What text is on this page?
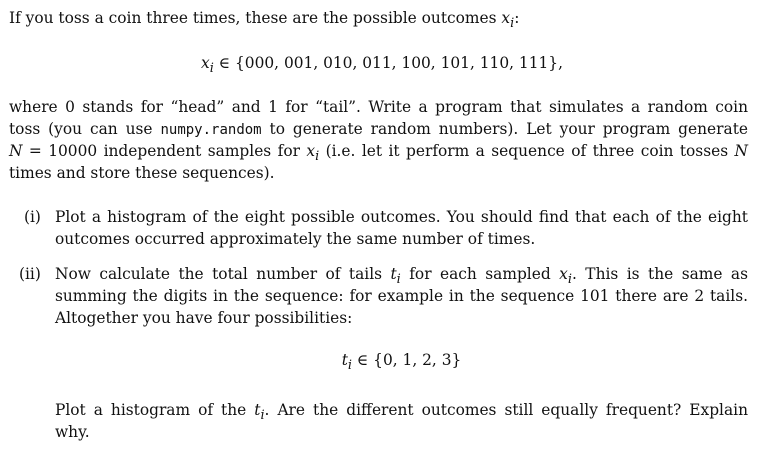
If you toss a coin three times, these are the possible outcomes $x_i$:
$x_i$ ∈ {000, 001, 010, 011, 100, 101, 110, 111},
where 0 stands for “head” and 1 for “tail”. Write a program that simulates a random coin
toss (you can use numpy.random to generate random numbers). Let your program generate
N = 10000 independent samples for $x_i$ (i.e. let it perform a sequence of three coin tosses N
times and store these sequences).
(i) Plot a histogram of the eight possible outcomes. You should find that each of the eight
outcomes occurred approximately the same number of times.
(ii) Now calculate the total number of tails $t_i$ for each sampled $x_i$. This is the same as
summing the digits in the sequence: for example in the sequence 101 there are 2 tails.
Altogether you have four possibilities:
$t_i$ ∈ {0, 1, 2, 3}
Plot a histogram of the $t_i$. Are the different outcomes still equally frequent? Explain
why.
